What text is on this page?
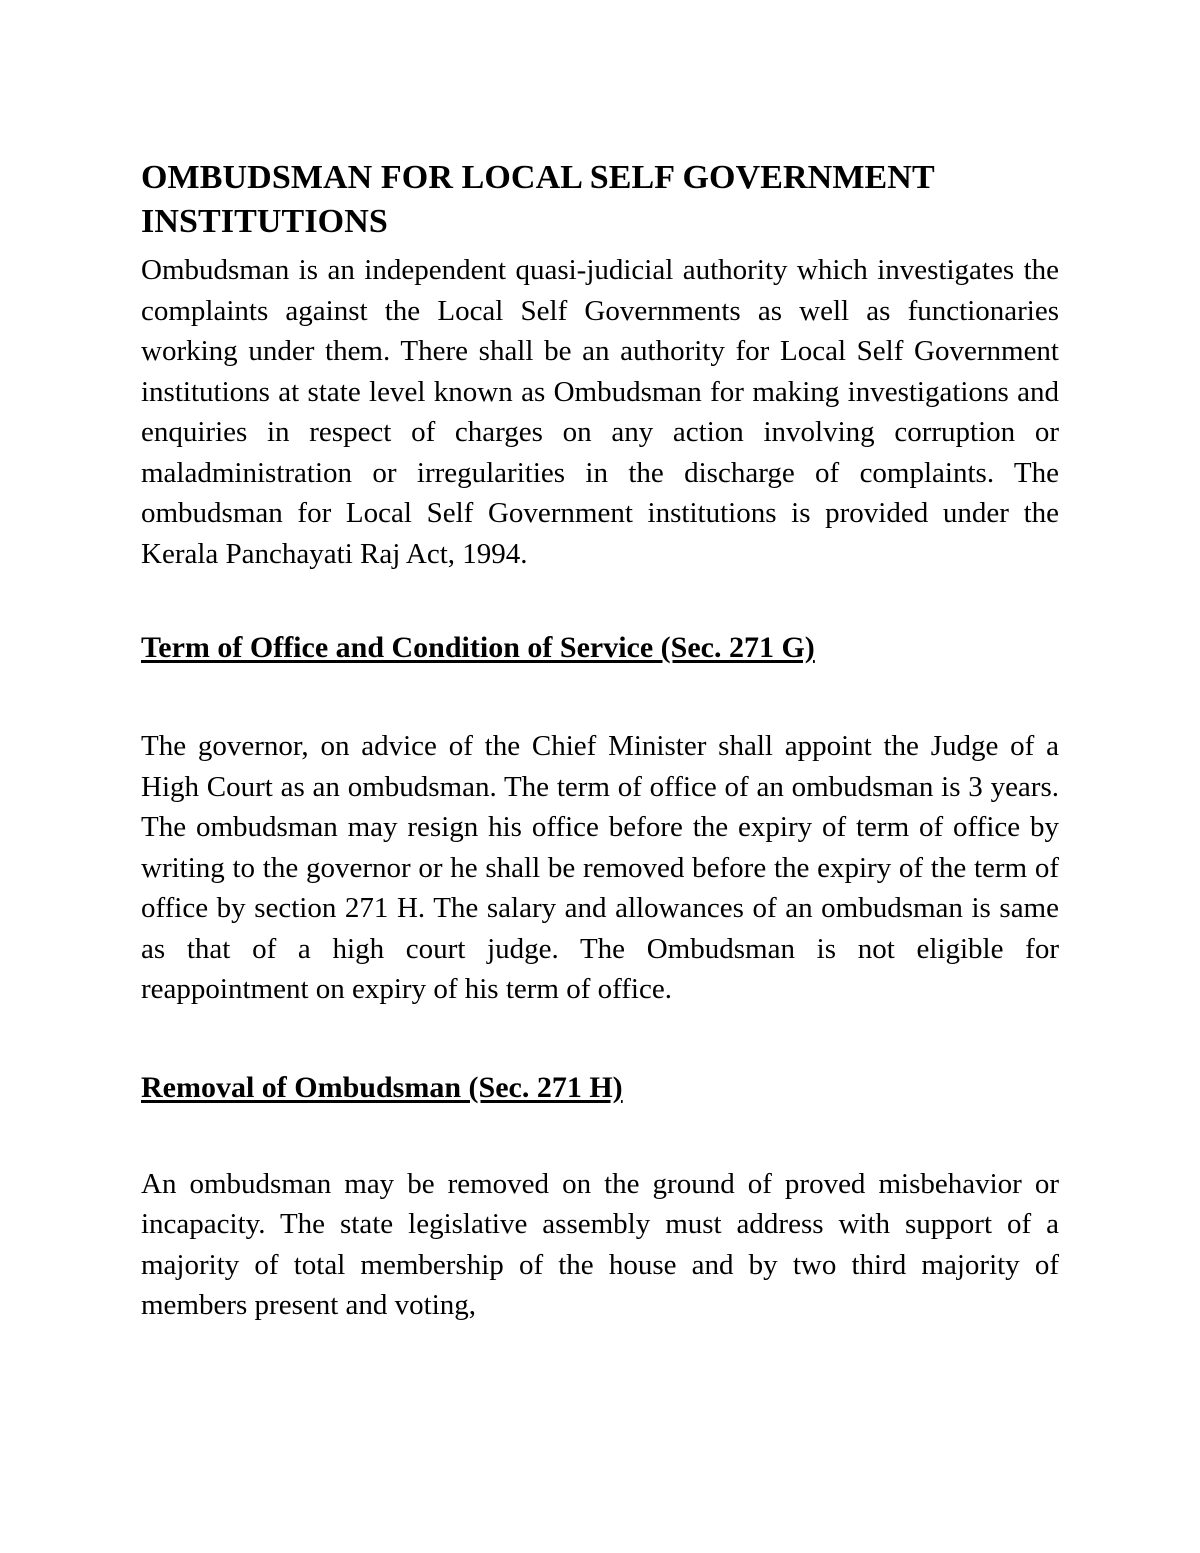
OMBUDSMAN FOR LOCAL SELF GOVERNMENT INSTITUTIONS

Ombudsman is an independent quasi-judicial authority which investigates the complaints against the Local Self Governments as well as functionaries working under them. There shall be an authority for Local Self Government institutions at state level known as Ombudsman for making investigations and enquiries in respect of charges on any action involving corruption or maladministration or irregularities in the discharge of complaints. The ombudsman for Local Self Government institutions is provided under the Kerala Panchayati Raj Act, 1994.

Term of Office and Condition of Service (Sec. 271 G)

The governor, on advice of the Chief Minister shall appoint the Judge of a High Court as an ombudsman. The term of office of an ombudsman is 3 years. The ombudsman may resign his office before the expiry of term of office by writing to the governor or he shall be removed before the expiry of the term of office by section 271 H. The salary and allowances of an ombudsman is same as that of a high court judge. The Ombudsman is not eligible for reappointment on expiry of his term of office.

Removal of Ombudsman (Sec. 271 H)

An ombudsman may be removed on the ground of proved misbehavior or incapacity. The state legislative assembly must address with support of a majority of total membership of the house and by two third majority of members present and voting,
